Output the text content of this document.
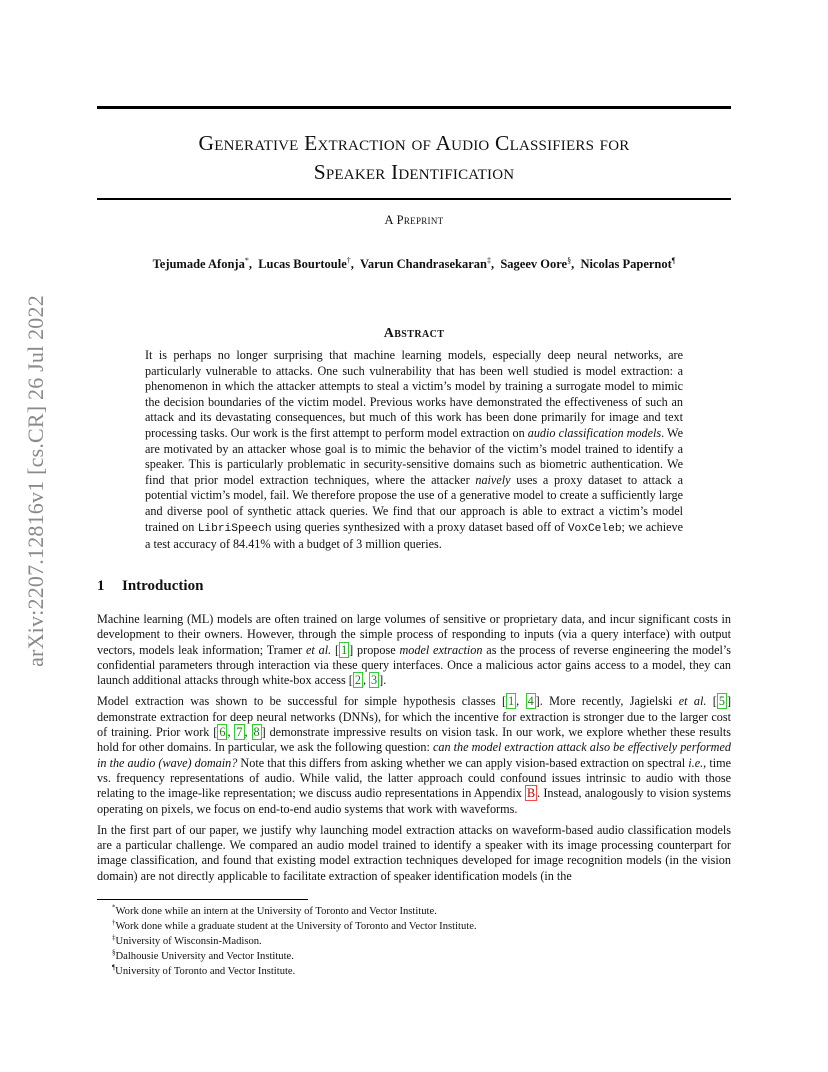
arXiv:2207.12816v1 [cs.CR] 26 Jul 2022
Generative Extraction of Audio Classifiers for
Speaker Identification
A Preprint
Tejumade Afonja*,  Lucas Bourtoule†,  Varun Chandrasekaran‡,  Sageev Oore§,  Nicolas Papernot¶
Abstract
It is perhaps no longer surprising that machine learning models, especially deep neural networks, are particularly vulnerable to attacks. One such vulnerability that has been well studied is model extraction: a phenomenon in which the attacker attempts to steal a victim’s model by training a surrogate model to mimic the decision boundaries of the victim model. Previous works have demonstrated the effectiveness of such an attack and its devastating consequences, but much of this work has been done primarily for image and text processing tasks. Our work is the first attempt to perform model extraction on audio classification models. We are motivated by an attacker whose goal is to mimic the behavior of the victim’s model trained to identify a speaker. This is particularly problematic in security-sensitive domains such as biometric authentication. We find that prior model extraction techniques, where the attacker naively uses a proxy dataset to attack a potential victim’s model, fail. We therefore propose the use of a generative model to create a sufficiently large and diverse pool of synthetic attack queries. We find that our approach is able to extract a victim’s model trained on LibriSpeech using queries synthesized with a proxy dataset based off of VoxCeleb; we achieve a test accuracy of 84.41% with a budget of 3 million queries.
1 Introduction

Machine learning (ML) models are often trained on large volumes of sensitive or proprietary data, and incur significant costs in development to their owners. However, through the simple process of responding to inputs (via a query interface) with output vectors, models leak information; Tramer et al. [ 1 ] propose model extraction as the process of reverse engineering the model’s confidential parameters through interaction via these query interfaces. Once a malicious actor gains access to a model, they can launch additional attacks through white-box access [ 2 , 3 ].

Model extraction was shown to be successful for simple hypothesis classes [ 1 , 4 ]. More recently, Jagielski et al. [ 5 ] demonstrate extraction for deep neural networks (DNNs), for which the incentive for extraction is stronger due to the larger cost of training. Prior work [ 6 , 7 , 8 ] demonstrate impressive results on vision task. In our work, we explore whether these results hold for other domains. In particular, we ask the following question: can the model extraction attack also be effectively performed in the audio (wave) domain? Note that this differs from asking whether we can apply vision-based extraction on spectral i.e., time vs. frequency representations of audio. While valid, the latter approach could confound issues intrinsic to audio with those relating to the image-like representation; we discuss audio representations in Appendix B . Instead, analogously to vision systems operating on pixels, we focus on end-to-end audio systems that work with waveforms.

In the first part of our paper, we justify why launching model extraction attacks on waveform-based audio classification models are a particular challenge. We compared an audio model trained to identify a speaker with its image processing counterpart for image classification, and found that existing model extraction techniques developed for image recognition models (in the vision domain) are not directly applicable to facilitate extraction of speaker identification models (in the

*Work done while an intern at the University of Toronto and Vector Institute.
†Work done while a graduate student at the University of Toronto and Vector Institute.
‡University of Wisconsin-Madison.
§Dalhousie University and Vector Institute.
¶University of Toronto and Vector Institute.
